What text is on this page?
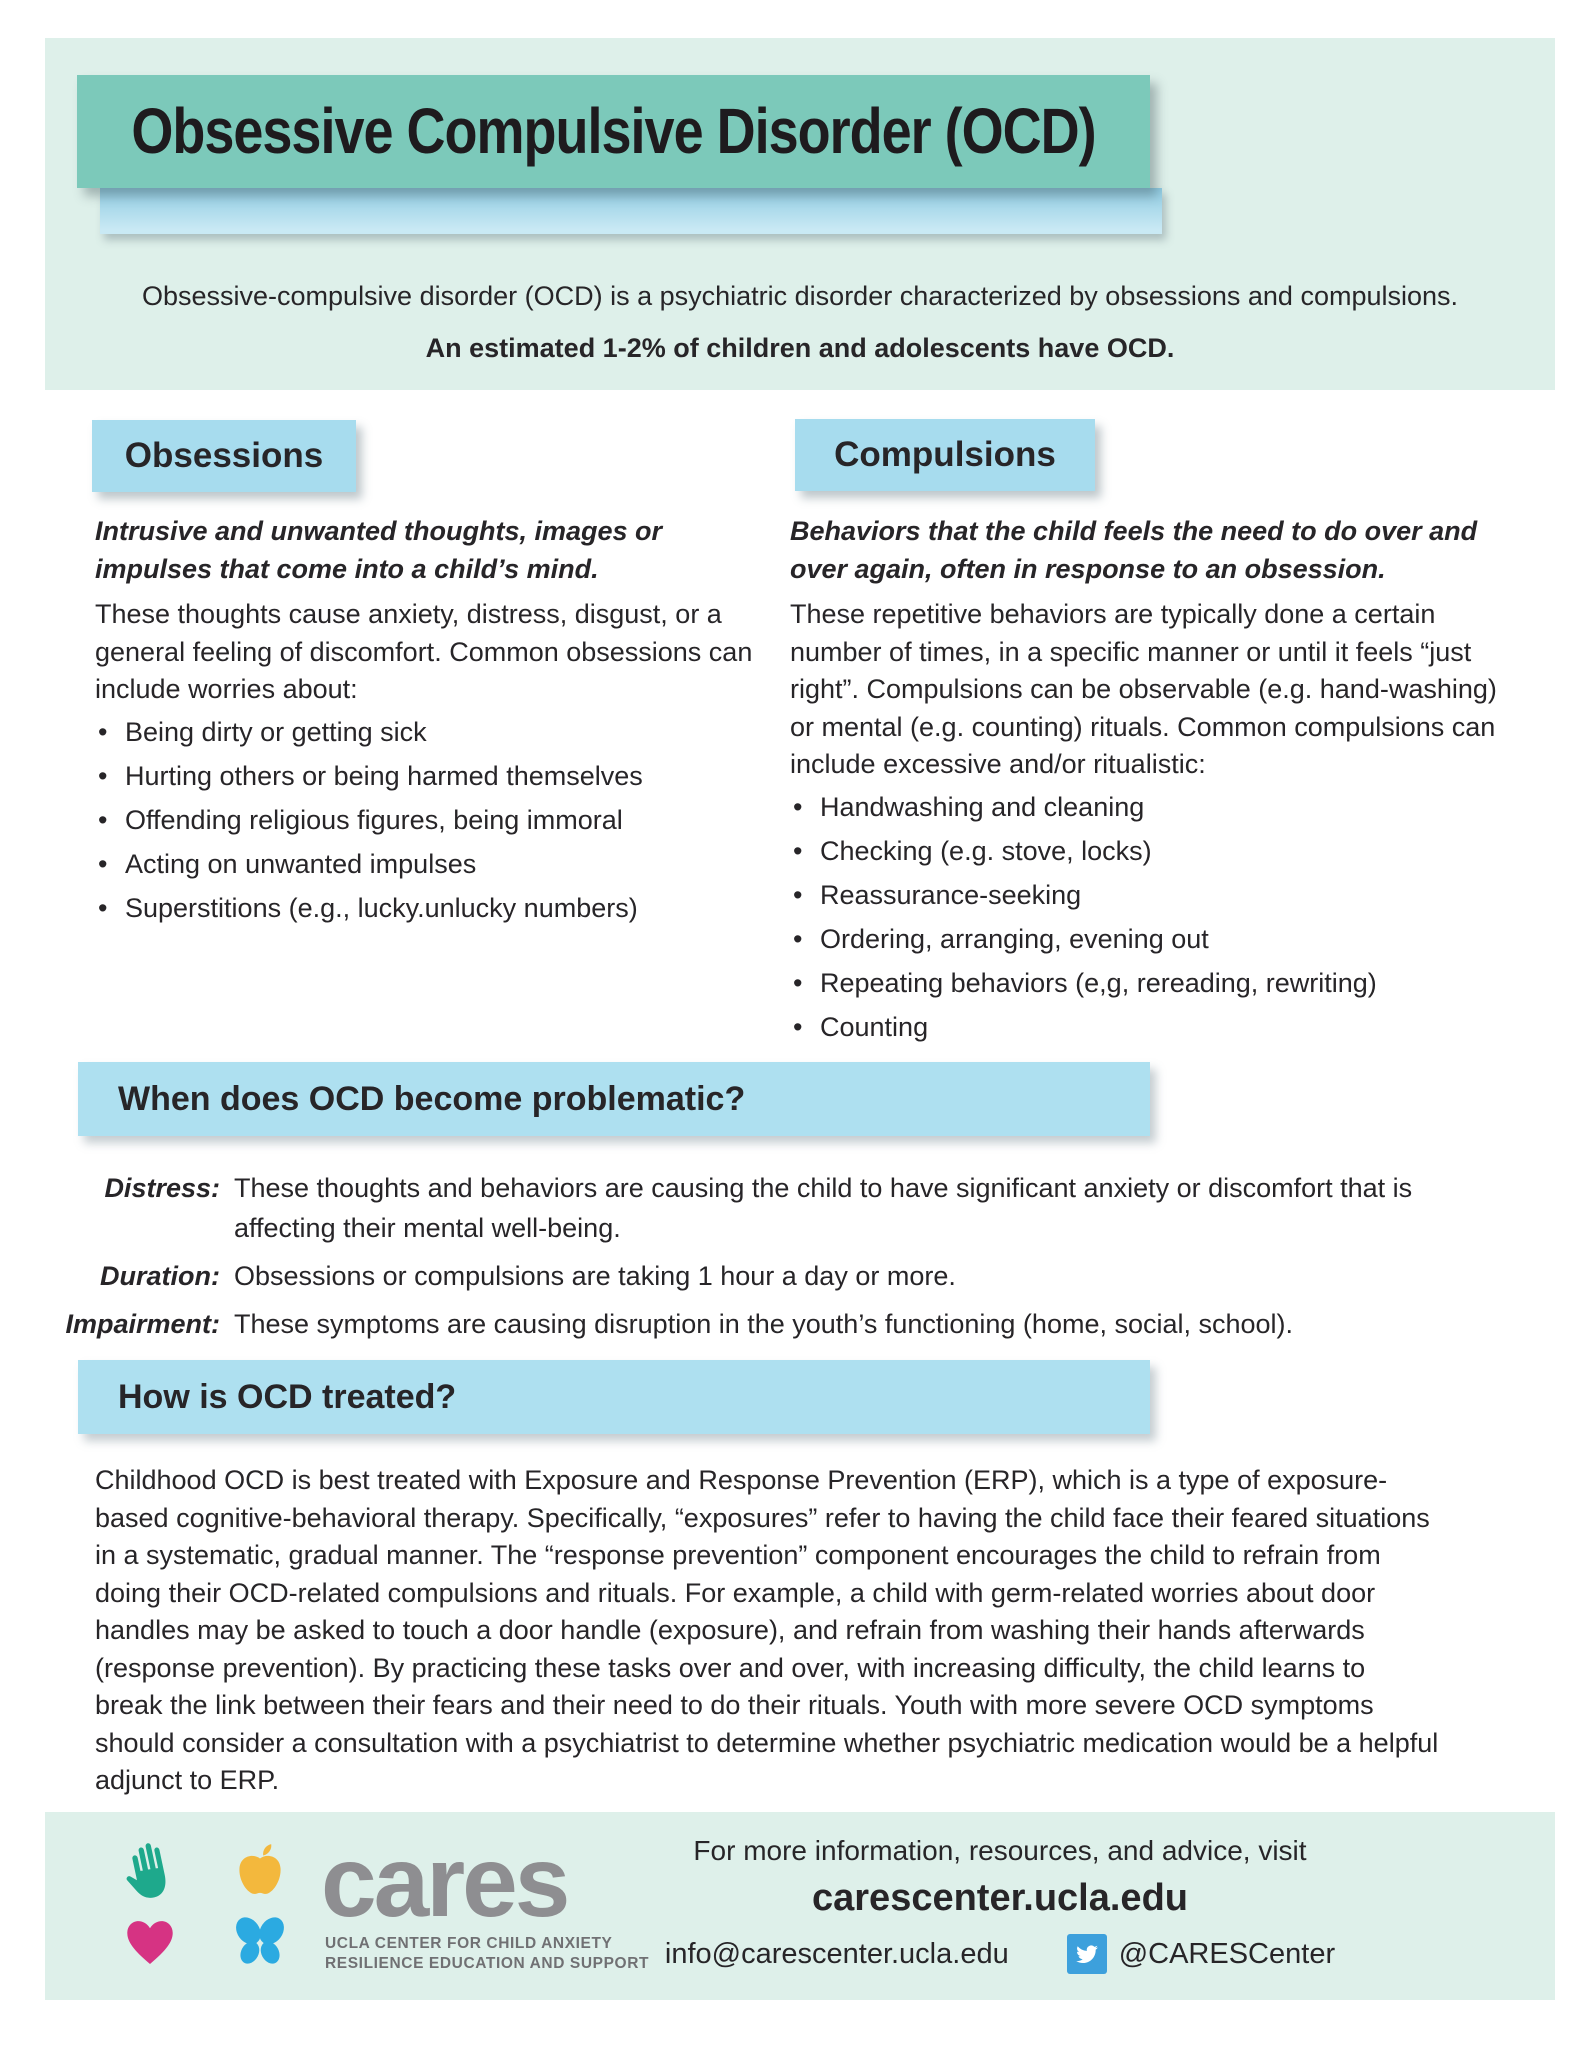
Obsessive Compulsive Disorder (OCD)
Obsessive-compulsive disorder (OCD) is a psychiatric disorder characterized by obsessions and compulsions.
An estimated 1-2% of children and adolescents have OCD.
Obsessions	Compulsions

Intrusive and unwanted thoughts, images or impulses that come into a child’s mind.

These thoughts cause anxiety, distress, disgust, or a general feeling of discomfort. Common obsessions can include worries about:

• Being dirty or getting sick
• Hurting others or being harmed themselves
• Offending religious figures, being immoral
• Acting on unwanted impulses
• Superstitions (e.g., lucky.unlucky numbers)

Behaviors that the child feels the need to do over and over again, often in response to an obsession.

These repetitive behaviors are typically done a certain number of times, in a specific manner or until it feels “just right”. Compulsions can be observable (e.g. hand-washing) or mental (e.g. counting) rituals. Common compulsions can include excessive and/or ritualistic:

• Handwashing and cleaning
• Checking (e.g. stove, locks)
• Reassurance-seeking
• Ordering, arranging, evening out
• Repeating behaviors (e,g, rereading, rewriting)
• Counting
When does OCD become problematic?
Distress: These thoughts and behaviors are causing the child to have significant anxiety or discomfort that is affecting their mental well-being.
Duration: Obsessions or compulsions are taking 1 hour a day or more.
Impairment: These symptoms are causing disruption in the youth’s functioning (home, social, school).
How is OCD treated?
Childhood OCD is best treated with Exposure and Response Prevention (ERP), which is a type of exposure-based cognitive-behavioral therapy. Specifically, “exposures” refer to having the child face their feared situations in a systematic, gradual manner. The “response prevention” component encourages the child to refrain from doing their OCD-related compulsions and rituals. For example, a child with germ-related worries about door handles may be asked to touch a door handle (exposure), and refrain from washing their hands afterwards (response prevention). By practicing these tasks over and over, with increasing difficulty, the child learns to break the link between their fears and their need to do their rituals. Youth with more severe OCD symptoms should consider a consultation with a psychiatrist to determine whether psychiatric medication would be a helpful adjunct to ERP.
cares
UCLA CENTER FOR CHILD ANXIETY
RESILIENCE EDUCATION AND SUPPORT
For more information, resources, and advice, visit
carescenter.ucla.edu
info@carescenter.ucla.edu	@CARESCenter
